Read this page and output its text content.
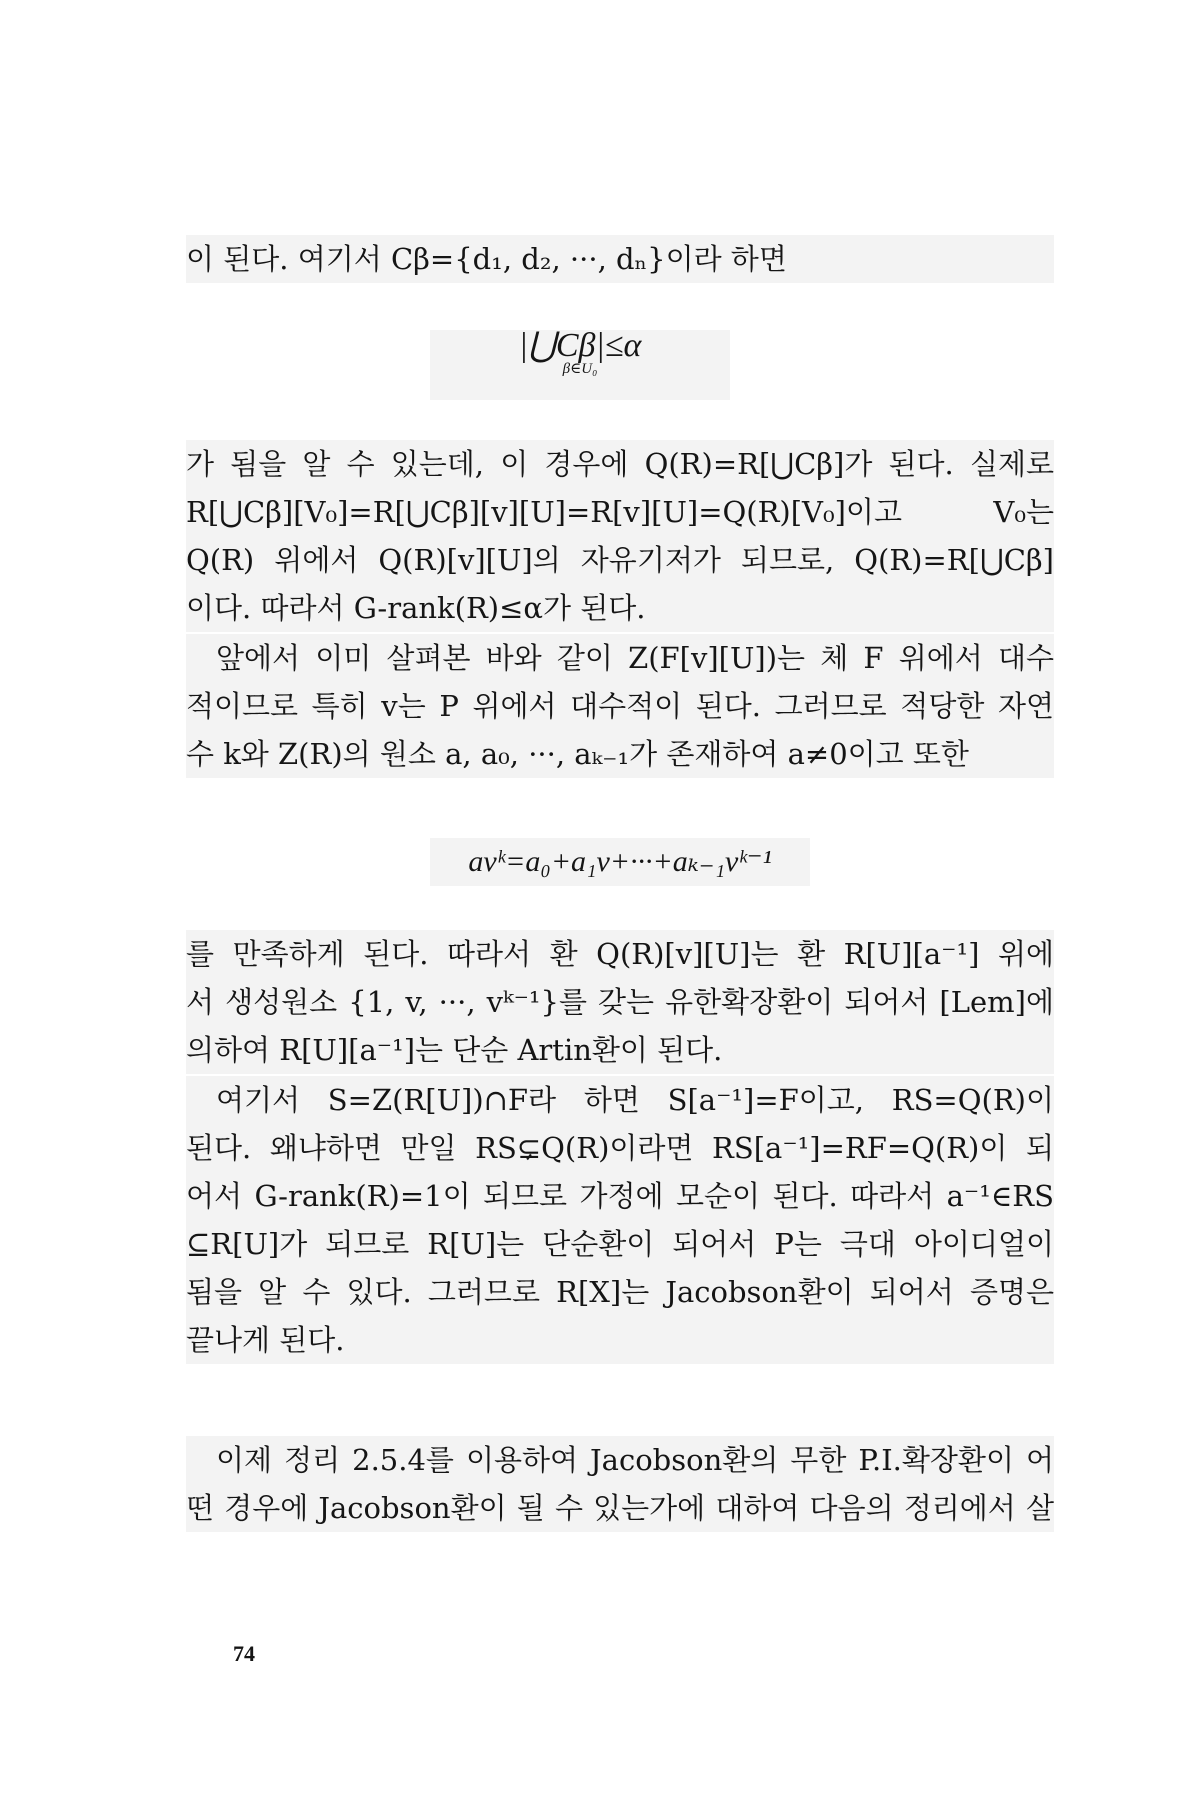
이 된다. 여기서 Cβ={d₁, d₂, ···, dₙ}이라 하면
|⋃Cβ|≤α
β∈U₀
가 됨을 알 수 있는데, 이 경우에 Q(R)=R[⋃Cβ]가 된다. 실제로
R[⋃Cβ][V₀]=R[⋃Cβ][v][U]=R[v][U]=Q(R)[V₀]이고 V₀는
Q(R) 위에서 Q(R)[v][U]의 자유기저가 되므로, Q(R)=R[⋃Cβ]
이다. 따라서 G-rank(R)≤α가 된다.
앞에서 이미 살펴본 바와 같이 Z(F[v][U])는 체 F 위에서 대수
적이므로 특히 v는 P 위에서 대수적이 된다. 그러므로 적당한 자연
수 k와 Z(R)의 원소 a, a₀, ···, aₖ₋₁가 존재하여 a≠0이고 또한
avᵏ=a₀+a₁v+···+aₖ₋₁vᵏ⁻¹
를 만족하게 된다. 따라서 환 Q(R)[v][U]는 환 R[U][a⁻¹] 위에
서 생성원소 {1, v, ···, vᵏ⁻¹}를 갖는 유한확장환이 되어서 [Lem]에
의하여 R[U][a⁻¹]는 단순 Artin환이 된다.
여기서 S=Z(R[U])∩F라 하면 S[a⁻¹]=F이고, RS=Q(R)이
된다. 왜냐하면 만일 RS⊊Q(R)이라면 RS[a⁻¹]=RF=Q(R)이 되
어서 G-rank(R)=1이 되므로 가정에 모순이 된다. 따라서 a⁻¹∈RS
⊆R[U]가 되므로 R[U]는 단순환이 되어서 P는 극대 아이디얼이
됨을 알 수 있다. 그러므로 R[X]는 Jacobson환이 되어서 증명은
끝나게 된다.
이제 정리 2.5.4를 이용하여 Jacobson환의 무한 P.I.확장환이 어
떤 경우에 Jacobson환이 될 수 있는가에 대하여 다음의 정리에서 살
74
